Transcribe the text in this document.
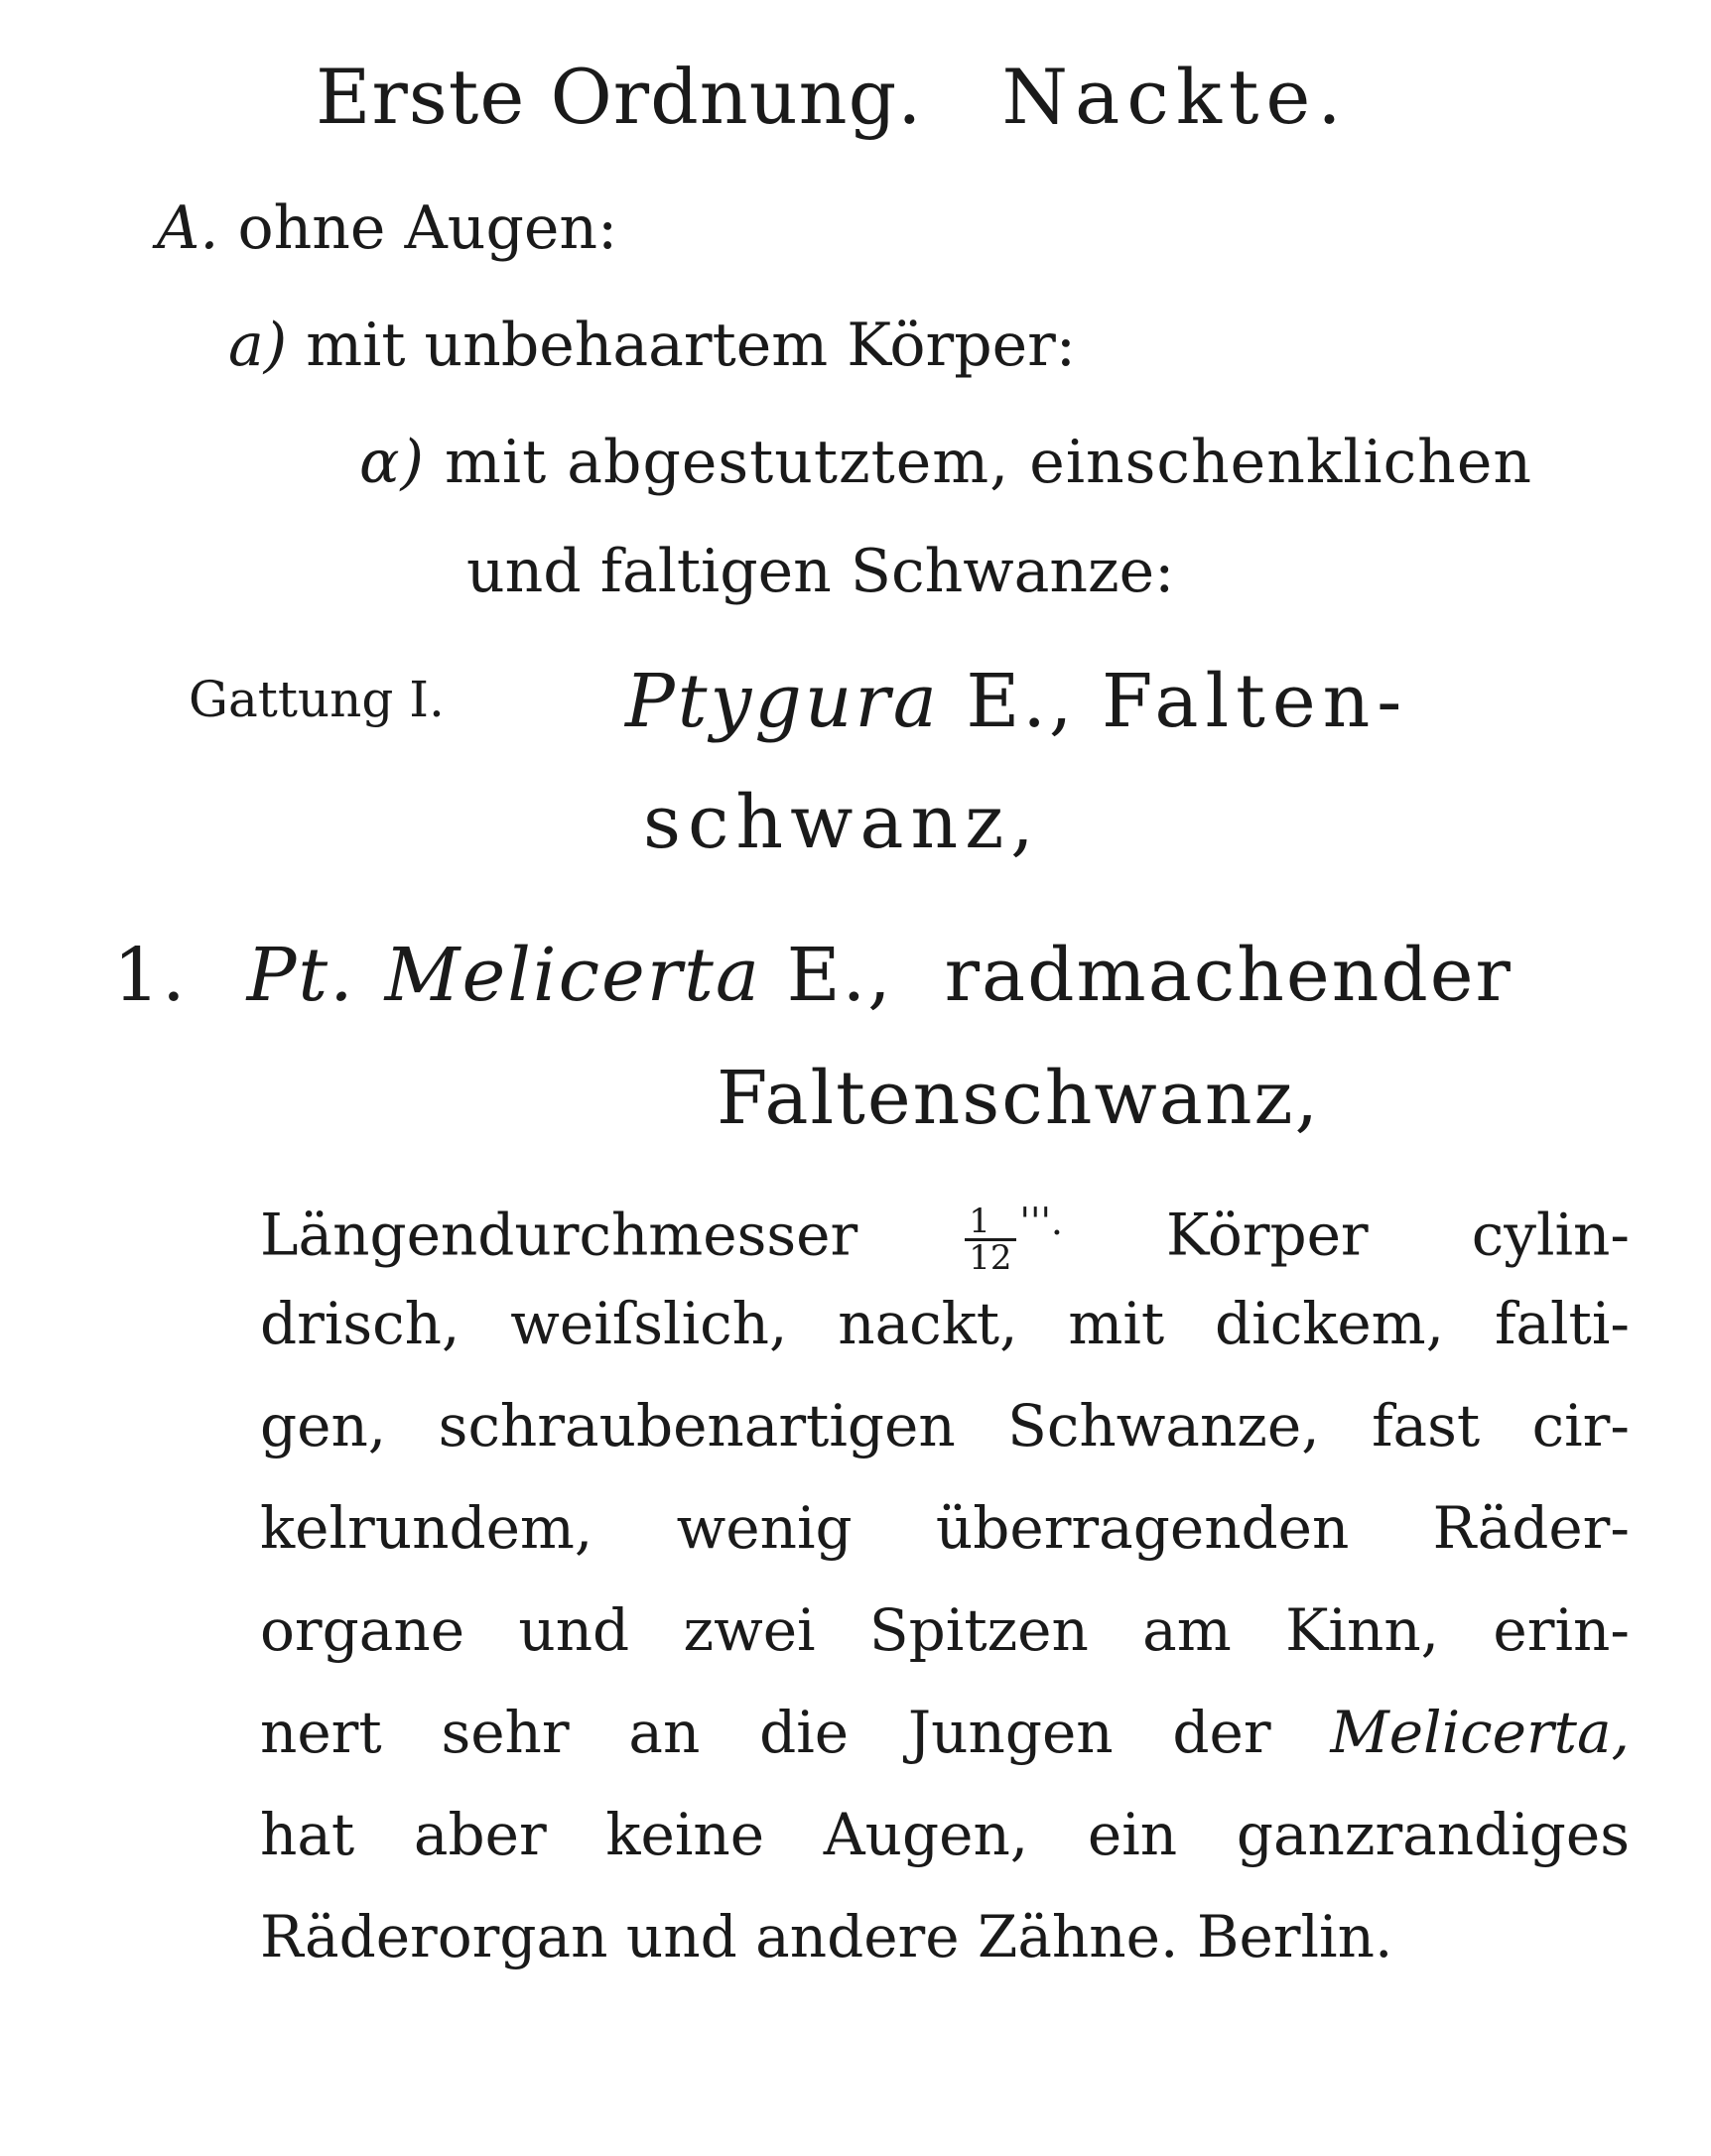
Erste Ordnung. Nackte.
A. ohne Augen:
a) mit unbehaartem Körper:
α) mit abgestutztem, einschenklichen
und faltigen Schwanze:
Gattung I. Ptygura E., Falten-
schwanz,
1. Pt. Melicerta E., radmachender
Faltenschwanz,
Längendurchmesser	$\frac{1}{12} ^{'''.}$ Körper cylin-
drisch, weiſslich, nackt, mit dickem, falti-
gen, schraubenartigen Schwanze, fast cir-
kelrundem, wenig überragenden Räder-
organe und zwei Spitzen am Kinn, erin-
nert sehr an die Jungen der Melicerta,
hat aber keine Augen, ein ganzrandiges
Räderorgan und andere Zähne. Berlin.
